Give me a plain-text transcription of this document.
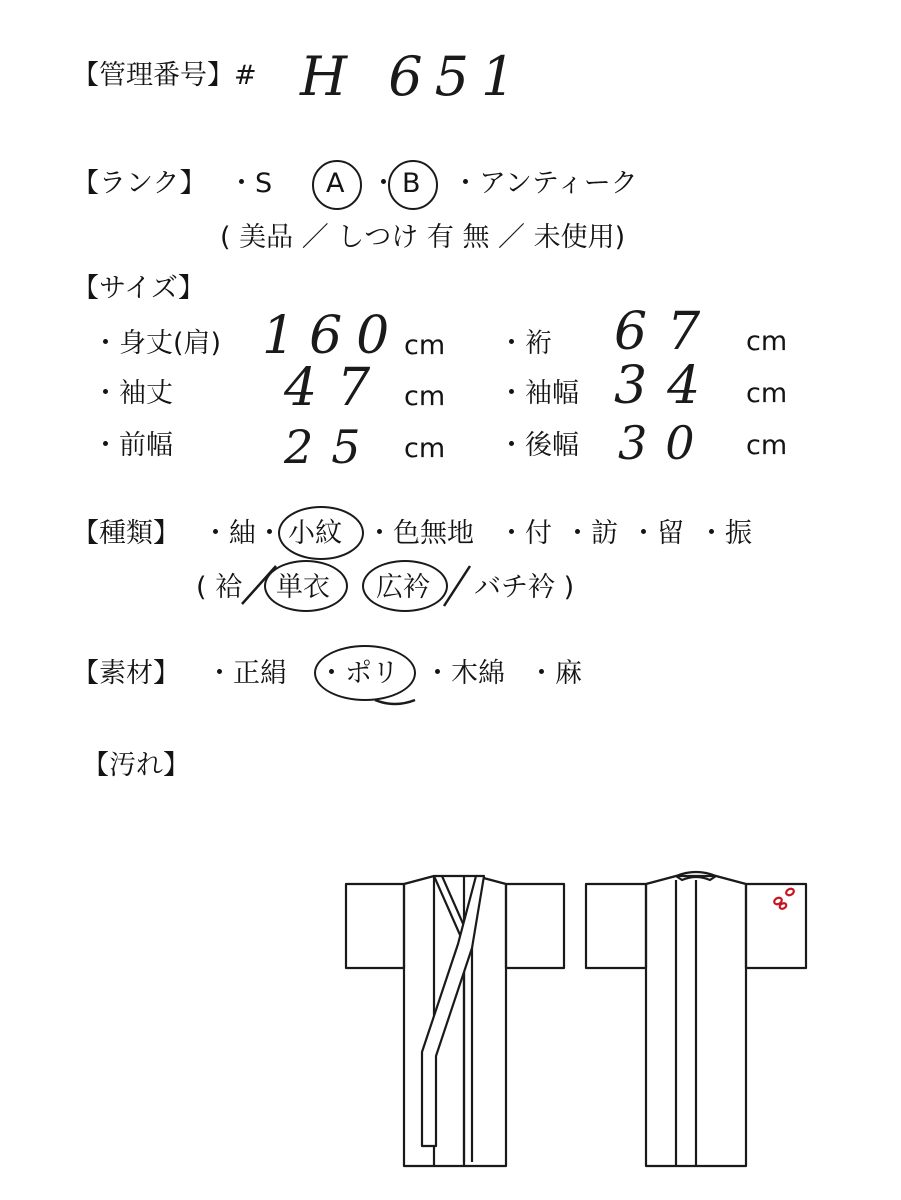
【管理番号】# H 651
【ランク】 ・S A ・ B ・アンティーク
( 美品 ／ しつけ 有 無 ／ 未使用)
【サイズ】
・身丈(肩) 160 cm ・裄 67 cm
・袖丈 47 cm ・袖幅 34 cm
・前幅 25 cm ・後幅 30 cm
【種類】 ・紬 ・ 小紋 ・色無地 ・付 ・訪 ・留 ・振
( 袷 単衣 広衿 バチ衿 )
【素材】 ・正絹 ・ポリ ・木綿 ・麻
【汚れ】
